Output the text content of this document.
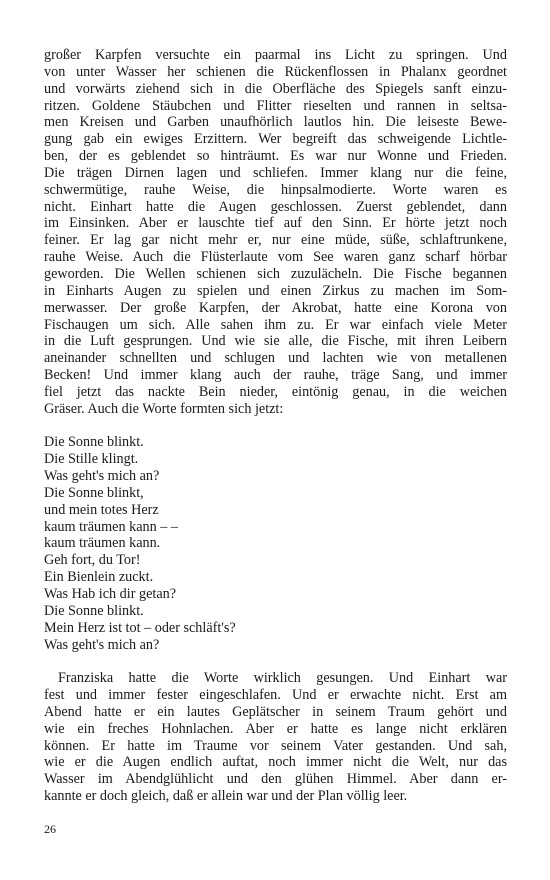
großer Karpfen versuchte ein paarmal ins Licht zu springen. Und
von unter Wasser her schienen die Rückenflossen in Phalanx geordnet
und vorwärts ziehend sich in die Oberfläche des Spiegels sanft einzu-
ritzen. Goldene Stäubchen und Flitter rieselten und rannen in seltsa-
men Kreisen und Garben unaufhörlich lautlos hin. Die leiseste Bewe-
gung gab ein ewiges Erzittern. Wer begreift das schweigende Lichtle-
ben, der es geblendet so hinträumt. Es war nur Wonne und Frieden.
Die trägen Dirnen lagen und schliefen. Immer klang nur die feine,
schwermütige, rauhe Weise, die hinpsalmodierte. Worte waren es
nicht. Einhart hatte die Augen geschlossen. Zuerst geblendet, dann
im Einsinken. Aber er lauschte tief auf den Sinn. Er hörte jetzt noch
feiner. Er lag gar nicht mehr er, nur eine müde, süße, schlaftrunkene,
rauhe Weise. Auch die Flüsterlaute vom See waren ganz scharf hörbar
geworden. Die Wellen schienen sich zuzulächeln. Die Fische begannen
in Einharts Augen zu spielen und einen Zirkus zu machen im Som-
merwasser. Der große Karpfen, der Akrobat, hatte eine Korona von
Fischaugen um sich. Alle sahen ihm zu. Er war einfach viele Meter
in die Luft gesprungen. Und wie sie alle, die Fische, mit ihren Leibern
aneinander schnellten und schlugen und lachten wie von metallenen
Becken! Und immer klang auch der rauhe, träge Sang, und immer
fiel jetzt das nackte Bein nieder, eintönig genau, in die weichen
Gräser. Auch die Worte formten sich jetzt:
Die Sonne blinkt.
Die Stille klingt.
Was geht's mich an?
Die Sonne blinkt,
und mein totes Herz
kaum träumen kann – –
kaum träumen kann.
Geh fort, du Tor!
Ein Bienlein zuckt.
Was Hab ich dir getan?
Die Sonne blinkt.
Mein Herz ist tot – oder schläft's?
Was geht's mich an?
Franziska hatte die Worte wirklich gesungen. Und Einhart war
fest und immer fester eingeschlafen. Und er erwachte nicht. Erst am
Abend hatte er ein lautes Geplätscher in seinem Traum gehört und
wie ein freches Hohnlachen. Aber er hatte es lange nicht erklären
können. Er hatte im Traume vor seinem Vater gestanden. Und sah,
wie er die Augen endlich auftat, noch immer nicht die Welt, nur das
Wasser im Abendglühlicht und den glühen Himmel. Aber dann er-
kannte er doch gleich, daß er allein war und der Plan völlig leer.
26
